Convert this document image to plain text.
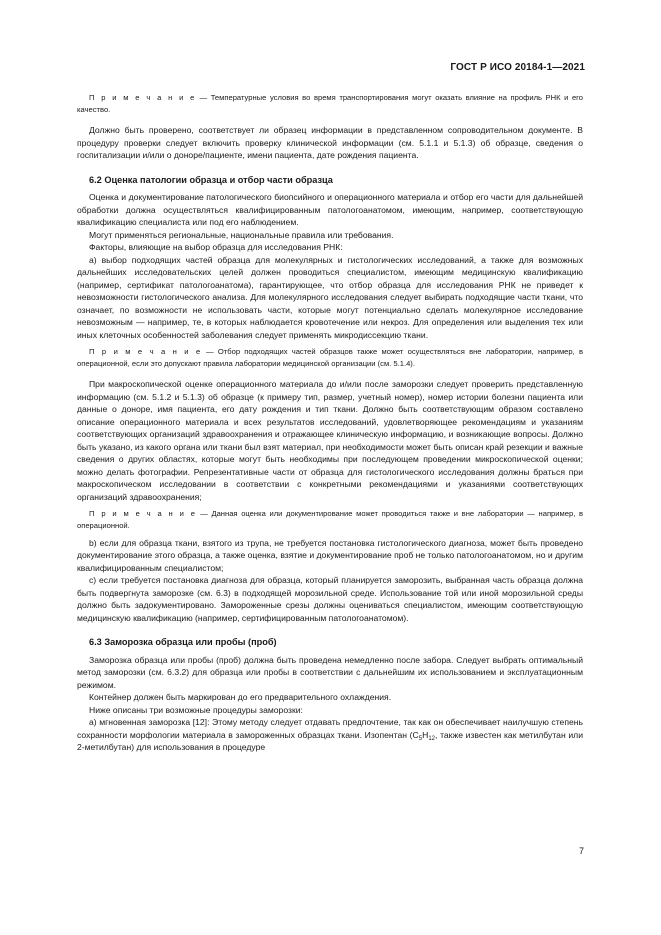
ГОСТ Р ИСО 20184-1—2021

П р и м е ч а н и е — Температурные условия во время транспортирования могут оказать влияние на профиль РНК и его качество.

Должно быть проверено, соответствует ли образец информации в представленном сопроводительном документе. В процедуру проверки следует включить проверку клинической информации (см. 5.1.1 и 5.1.3) об образце, сведения о госпитализации и/или о доноре/пациенте, имени пациента, дате рождения пациента.

6.2 Оценка патологии образца и отбор части образца

Оценка и документирование патологического биопсийного и операционного материала и отбор его части для дальнейшей обработки должна осуществляться квалифицированным патологоанатомом, имеющим, например, соответствующую квалификацию специалиста или под его наблюдением.

Могут применяться региональные, национальные правила или требования.

Факторы, влияющие на выбор образца для исследования РНК:

а) выбор подходящих частей образца для молекулярных и гистологических исследований, а также для возможных дальнейших исследовательских целей должен проводиться специалистом, имеющим медицинскую квалификацию (например, сертификат патологоанатома), гарантирующее, что отбор образца для исследования РНК не приведет к невозможности гистологического анализа. Для молекулярного исследования следует выбирать подходящие части ткани, что означает, по возможности не использовать части, которые могут потенциально сделать молекулярное исследование невозможным — например, те, в которых наблюдается кровотечение или некроз. Для определения или выделения тех или иных клеточных особенностей заболевания следует применять микродиссекцию ткани.

П р и м е ч а н и е — Отбор подходящих частей образцов также может осуществляться вне лаборатории, например, в операционной, если это допускают правила лаборатории медицинской организации (см. 5.1.4).

При макроскопической оценке операционного материала до и/или после заморозки следует проверить представленную информацию (см. 5.1.2 и 5.1.3) об образце (к примеру тип, размер, учетный номер), номер истории болезни пациента или данные о доноре, имя пациента, его дату рождения и тип ткани. Должно быть соответствующим образом составлено описание операционного материала и всех результатов исследований, удовлетворяющее рекомендациям и указаниям соответствующих организаций здравоохранения и отражающее клиническую информацию, и возникающие вопросы. Должно быть указано, из какого органа или ткани был взят материал, при необходимости может быть описан край резекции и важные сведения о других областях, которые могут быть необходимы при последующем проведении микроскопической оценки; можно делать фотографии. Репрезентативные части от образца для гистологического исследования должны браться при макроскопическом исследовании в соответствии с конкретными рекомендациями и указаниями соответствующих организаций здравоохранения;

П р и м е ч а н и е — Данная оценка или документирование может проводиться также и вне лаборатории — например, в операционной.

b) если для образца ткани, взятого из трупа, не требуется постановка гистологического диагноза, может быть проведено документирование этого образца, а также оценка, взятие и документирование проб не только патологоанатомом, но и другим квалифицированным специалистом;

с) если требуется постановка диагноза для образца, который планируется заморозить, выбранная часть образца должна быть подвергнута заморозке (см. 6.3) в подходящей морозильной среде. Использование той или иной морозильной среды должно быть задокументировано. Замороженные срезы должны оцениваться специалистом, имеющим соответствующую медицинскую квалификацию (например, сертифицированным патологоанатомом).

6.3 Заморозка образца или пробы (проб)

Заморозка образца или пробы (проб) должна быть проведена немедленно после забора. Следует выбрать оптимальный метод заморозки (см. 6.3.2) для образца или пробы в соответствии с дальнейшим их использованием и эксплуатационным режимом.

Контейнер должен быть маркирован до его предварительного охлаждения.

Ниже описаны три возможные процедуры заморозки:

а) мгновенная заморозка [12]: Этому методу следует отдавать предпочтение, так как он обеспечивает наилучшую степень сохранности морфологии материала в замороженных образцах ткани. Изопентан ($C_5H_{12}$, также известен как метилбутан или 2-метилбутан) для использования в процедуре

7
